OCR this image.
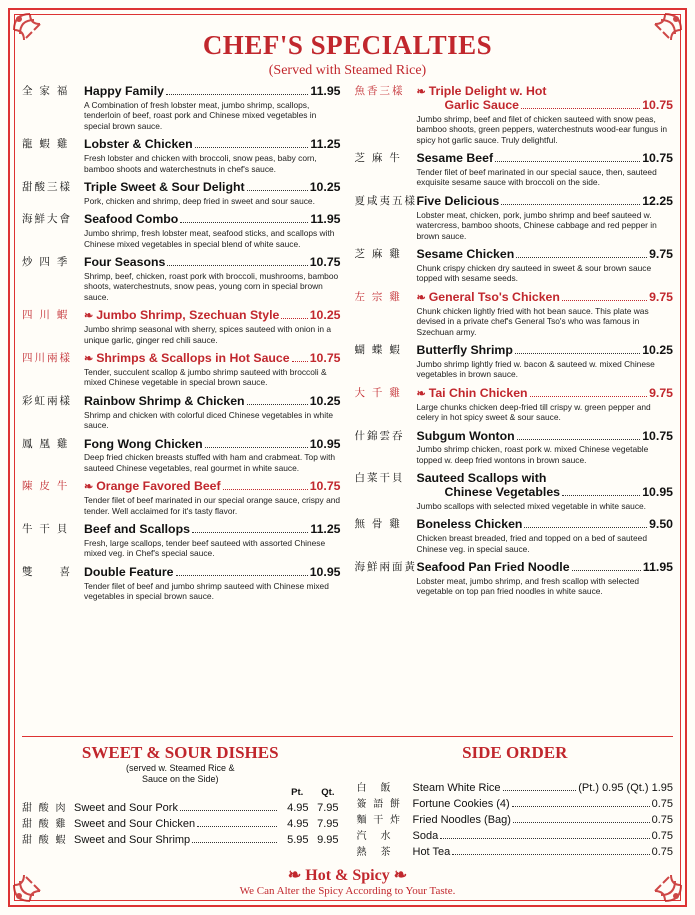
CHEF'S SPECIALTIES
(Served with Steamed Rice)
全 家 福	Happy Family	11.95
A Combination of fresh lobster meat, jumbo shrimp, scallops, tenderloin of beef, roast pork and Chinese mixed vegetables in special brown sauce.
龍 蝦 雞	Lobster & Chicken	11.25
Fresh lobster and chicken with broccoli, snow peas, baby corn, bamboo shoots and waterchestnuts in chef's sauce.
甜酸三樣 Triple Sweet & Sour Delight	10.25
Pork, chicken and shrimp, deep fried in sweet and sour sauce.
海鮮大會 Seafood Combo	11.95
Jumbo shrimp, fresh lobster meat, seafood sticks, and scallops with Chinese mixed vegetables in special blend of white sauce.
炒 四 季	Four Seasons	10.75
Shrimp, beef, chicken, roast pork with broccoli, mushrooms, bamboo shoots, waterchestnuts, snow peas, young corn in special brown sauce.
四 川 蝦	❧ Jumbo Shrimp, Szechuan Style 10.25
Jumbo shrimp seasonal with sherry, spices sauteed with onion in a unique garlic, ginger red chili sauce.
四川兩樣	❧ Shrimps & Scallops in Hot Sauce 10.75
Tender, succulent scallop & jumbo shrimp sauteed with broccoli & mixed Chinese vegetable in special brown sauce.
彩虹兩樣 Rainbow Shrimp & Chicken	10.25
Shrimp and chicken with colorful diced Chinese vegetables in white sauce.
鳳 凰 雞	Fong Wong Chicken	10.95
Deep fried chicken breasts stuffed with ham and crabmeat. Top with sauteed Chinese vegetables, real gourmet in white sauce.
陳 皮 牛	❧ Orange Favored Beef	10.75
Tender filet of beef marinated in our special orange sauce, crispy and tender. Well acclaimed for it's tasty flavor.
牛 干 貝	Beef and Scallops	11.25
Fresh, large scallops, tender beef sauteed with assorted Chinese mixed veg. in Chef's special sauce.
雙　　喜 Double Feature	10.95
Tender filet of beef and jumbo shrimp sauteed with Chinese mixed vegetables in special brown sauce.
魚香三樣	❧ Triple Delight w. Hot
Garlic Sauce	10.75
Jumbo shrimp, beef and filet of chicken sauteed with snow peas, bamboo shoots, green peppers, waterchestnuts wood-ear fungus in spicy hot garlic sauce. Truly delightful.
芝 麻 牛	Sesame Beef	10.75
Tender filet of beef marinated in our special sauce, then, sauteed exquisite sesame sauce with broccoli on the side.
夏咸夷五樣 Five Delicious	12.25
Lobster meat, chicken, pork, jumbo shrimp and beef sauteed w. watercress, bamboo shoots, Chinese cabbage and red pepper in brown sauce.
芝 麻 雞	Sesame Chicken	9.75
Chunk crispy chicken dry sauteed in sweet & sour brown sauce topped with sesame seeds.
左 宗 雞	❧ General Tso's Chicken	9.75
Chunk chicken lightly fried with hot bean sauce. This plate was devised in a private chef's General Tso's who was famous in Szechuan army.
蝴 蝶 蝦	Butterfly Shrimp	10.25
Jumbo shrimp lightly fried w. bacon & sauteed w. mixed Chinese vegetables in brown sauce.
大 千 雞	❧ Tai Chin Chicken	9.75
Large chunks chicken deep-fried till crispy w. green pepper and celery in hot spicy sweet & sour sauce.
什錦雲吞 Subgum Wonton	10.75
Jumbo shrimp chicken, roast pork w. mixed Chinese vegetable topped w. deep fried wontons in brown sauce.
白菜干貝 Sauteed Scallops with
Chinese Vegetables	10.95
Jumbo scallops with selected mixed vegetable in white sauce.
無 骨 雞	Boneless Chicken	9.50
Chicken breast breaded, fried and topped on a bed of sauteed Chinese veg. in special sauce.
海鮮兩面黃 Seafood Pan Fried Noodle	11.95
Lobster meat, jumbo shrimp, and fresh scallop with selected vegetable on top pan fried noodles in white sauce.
SWEET & SOUR DISHES
(served w. Steamed Rice &
Sauce on the Side)
Pt. Qt.
甜 酸 肉 Sweet and Sour Pork	4.95 7.95
甜 酸 雞 Sweet and Sour Chicken	4.95 7.95
甜 酸 蝦 Sweet and Sour Shrimp	5.95 9.95
SIDE ORDER
白　飯	Steam White Rice	(Pt.) 0.95 (Qt.) 1.95
簽 語 餅 Fortune Cookies (4)	0.75
麵 干 炸 Fried Noodles (Bag)	0.75
汽　水	Soda	0.75
熱　茶	Hot Tea	0.75
❧ Hot & Spicy ❧
We Can Alter the Spicy According to Your Taste.
